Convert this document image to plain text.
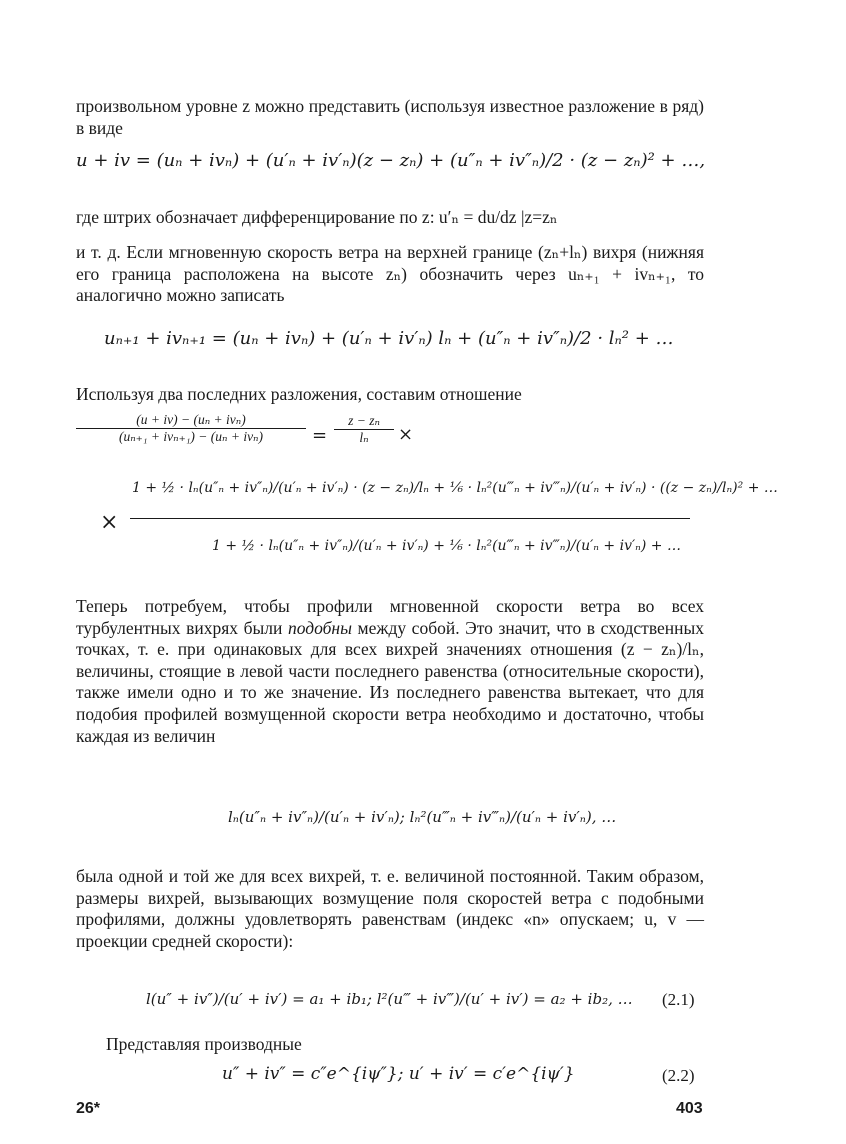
произвольном уровне z можно представить (используя известное разложение в ряд) в виде

u + iv = (uₙ + ivₙ) + (u′ₙ + iv′ₙ)(z − zₙ) + (u″ₙ + iv″ₙ)/2 · (z − zₙ)² + …,

где штрих обозначает дифференцирование по z: u′ₙ = du/dz |z=zₙ

и т. д. Если мгновенную скорость ветра на верхней границе (zₙ+lₙ) вихря (нижняя его граница расположена на высоте zₙ) обозначить через uₙ₊₁ + ivₙ₊₁, то аналогично можно записать

uₙ₊₁ + ivₙ₊₁ = (uₙ + ivₙ) + (u′ₙ + iv′ₙ) lₙ + (u″ₙ + iv″ₙ)/2 · lₙ² + …

Используя два последних разложения, составим отношение

(u + iv) − (uₙ + ivₙ)
(uₙ₊₁ + ivₙ₊₁) − (uₙ + ivₙ)	=
z − zₙ
lₙ	×
×
1 + ½ · lₙ(u″ₙ + iv″ₙ)/(u′ₙ + iv′ₙ) · (z − zₙ)/lₙ + ⅙ · lₙ²(u‴ₙ + iv‴ₙ)/(u′ₙ + iv′ₙ) · ((z − zₙ)/lₙ)² + …
1 + ½ · lₙ(u″ₙ + iv″ₙ)/(u′ₙ + iv′ₙ) + ⅙ · lₙ²(u‴ₙ + iv‴ₙ)/(u′ₙ + iv′ₙ) + …

Теперь потребуем, чтобы профили мгновенной скорости ветра во всех турбулентных вихрях были подобны между собой. Это значит, что в сходственных точках, т. е. при одинаковых для всех вихрей значениях отношения (z − zₙ)/lₙ, величины, стоящие в левой части последнего равенства (относительные скорости), также имели одно и то же значение. Из последнего равенства вытекает, что для подобия профилей возмущенной скорости ветра необходимо и достаточно, чтобы каждая из величин

lₙ(u″ₙ + iv″ₙ)/(u′ₙ + iv′ₙ); lₙ²(u‴ₙ + iv‴ₙ)/(u′ₙ + iv′ₙ), …

была одной и той же для всех вихрей, т. е. величиной постоянной. Таким образом, размеры вихрей, вызывающих возмущение поля скоростей ветра с подобными профилями, должны удовлетворять равенствам (индекс «n» опускаем; u, v — проекции средней скорости):

l(u″ + iv″)/(u′ + iv′) = a₁ + ib₁; l²(u‴ + iv‴)/(u′ + iv′) = a₂ + ib₂, … (2.1)

Представляя производные

u″ + iv″ = c″e^{iψ″}; u′ + iv′ = c′e^{iψ′}	(2.2)
26*	403
